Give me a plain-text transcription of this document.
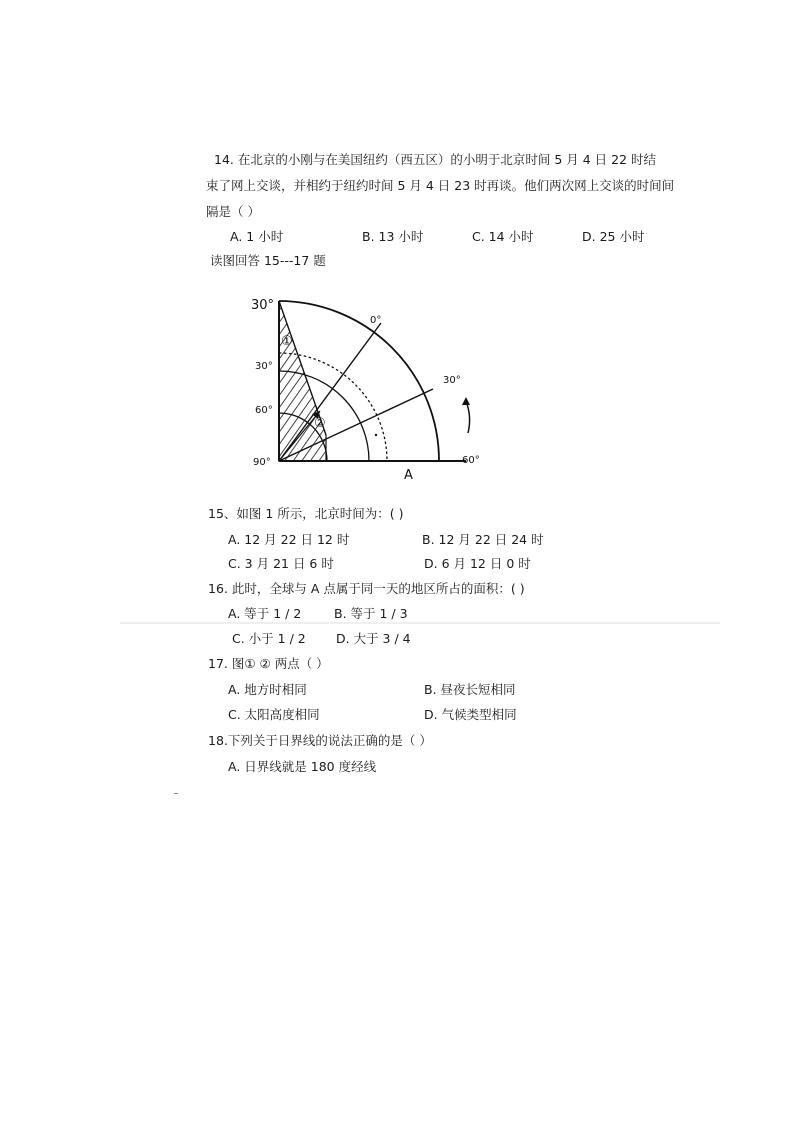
14. 在北京的小刚与在美国纽约（西五区）的小明于北京时间 5 月 4 日 22 时结
束了网上交谈，并相约于纽约时间 5 月 4 日 23 时再谈。他们两次网上交谈的时间间
隔是（ ）
A. 1 小时	B. 13 小时	C. 14 小时	D. 25 小时
读图回答 15---17 题
30°
30°
60°
90°
0°
30°
60°
A
①
②
15、如图 1 所示，北京时间为：( )
A. 12 月 22 日 12 时	B. 12 月 22 日 24 时
C. 3 月 21 日 6 时	D. 6 月 12 日 0 时
16. 此时，全球与 A 点属于同一天的地区所占的面积：( )
A. 等于 1 / 2	B. 等于 1 / 3
C. 小于 1 / 2 D. 大于 3 / 4
17. 图① ② 两点（ ）
A. 地方时相同	B. 昼夜长短相同
C. 太阳高度相同	D. 气候类型相同
18.下列关于日界线的说法正确的是（ ）
A. 日界线就是 180 度经线
